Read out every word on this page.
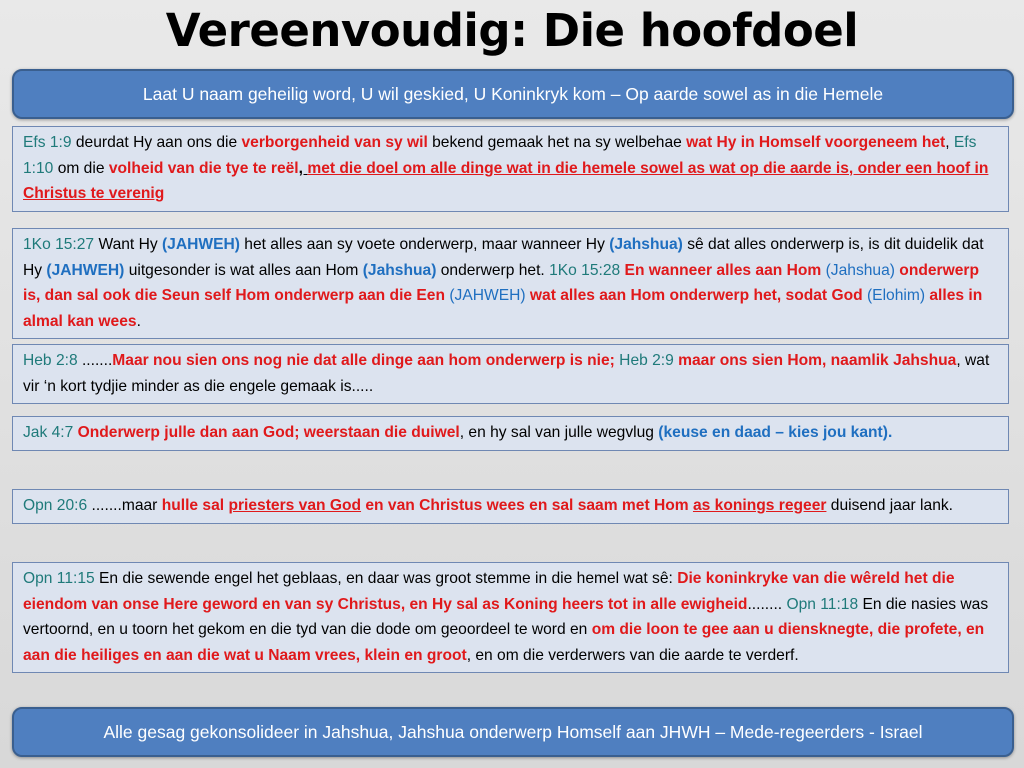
Vereenvoudig: Die hoofdoel
Laat U naam geheilig word, U wil geskied, U Koninkryk kom – Op aarde sowel as in die Hemele
Efs 1:9 deurdat Hy aan ons die verborgenheid van sy wil bekend gemaak het na sy welbehae wat Hy in Homself voorgeneem het, Efs 1:10 om die volheid van die tye te reël, met die doel om alle dinge wat in die hemele sowel as wat op die aarde is, onder een hoof in Christus te verenig
1Ko 15:27 Want Hy (JAHWEH) het alles aan sy voete onderwerp, maar wanneer Hy (Jahshua) sê dat alles onderwerp is, is dit duidelik dat Hy (JAHWEH) uitgesonder is wat alles aan Hom (Jahshua) onderwerp het. 1Ko 15:28 En wanneer alles aan Hom (Jahshua) onderwerp is, dan sal ook die Seun self Hom onderwerp aan die Een (JAHWEH) wat alles aan Hom onderwerp het, sodat God (Elohim) alles in almal kan wees.
Heb 2:8 .......Maar nou sien ons nog nie dat alle dinge aan hom onderwerp is nie; Heb 2:9 maar ons sien Hom, naamlik Jahshua, wat vir ‘n kort tydjie minder as die engele gemaak is.....
Jak 4:7 Onderwerp julle dan aan God; weerstaan die duiwel, en hy sal van julle wegvlug (keuse en daad – kies jou kant).
Opn 20:6 .......maar hulle sal priesters van God en van Christus wees en sal saam met Hom as konings regeer duisend jaar lank.
Opn 11:15 En die sewende engel het geblaas, en daar was groot stemme in die hemel wat sê: Die koninkryke van die wêreld het die eiendom van onse Here geword en van sy Christus, en Hy sal as Koning heers tot in alle ewigheid........ Opn 11:18 En die nasies was vertoornd, en u toorn het gekom en die tyd van die dode om geoordeel te word en om die loon te gee aan u diensknegte, die profete, en aan die heiliges en aan die wat u Naam vrees, klein en groot, en om die verderwers van die aarde te verderf.
Alle gesag gekonsolideer in Jahshua, Jahshua onderwerp Homself aan JHWH – Mede-regeerders - Israel
